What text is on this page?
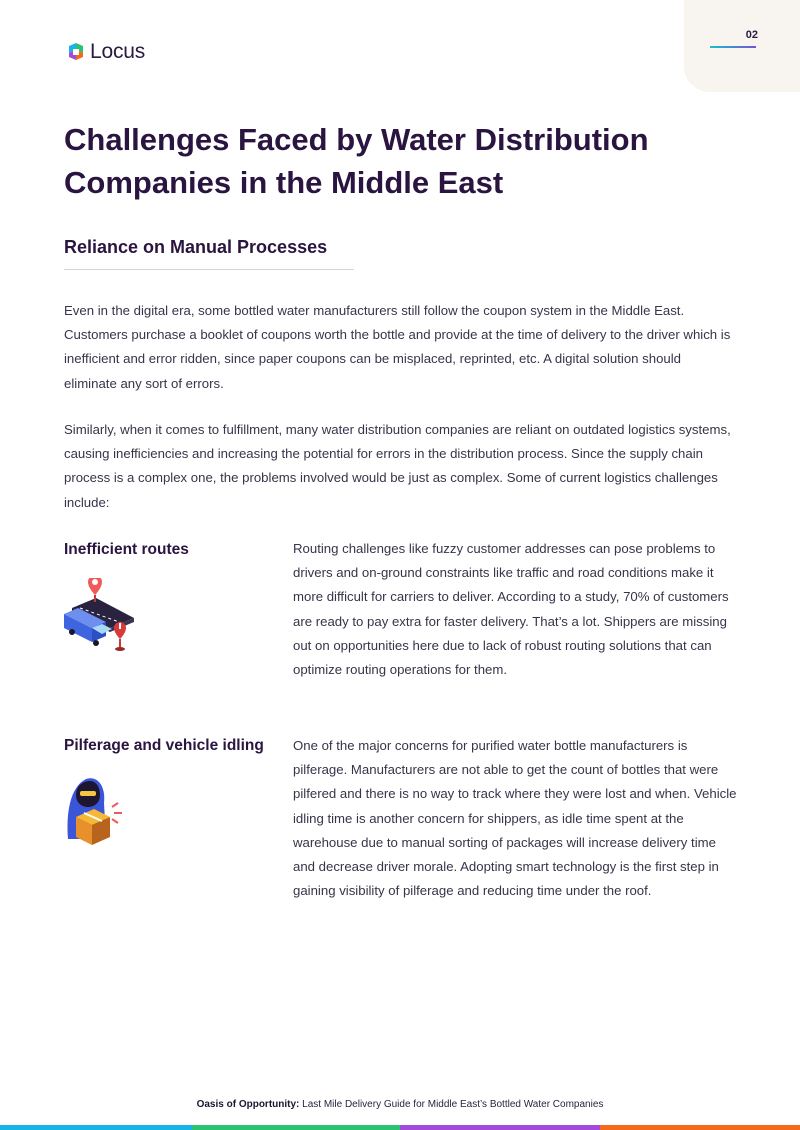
02
Locus
Challenges Faced by Water Distribution Companies in the Middle East
Reliance on Manual Processes

Even in the digital era, some bottled water manufacturers still follow the coupon system in the Middle East. Customers purchase a booklet of coupons worth the bottle and provide at the time of delivery to the driver which is inefficient and error ridden, since paper coupons can be misplaced, reprinted, etc. A digital solution should eliminate any sort of errors.

Similarly, when it comes to fulfillment, many water distribution companies are reliant on outdated logistics systems, causing inefficiencies and increasing the potential for errors in the distribution process. Since the supply chain process is a complex one, the problems involved would be just as complex. Some of current logistics challenges include:

Inefficient routes	Routing challenges like fuzzy customer addresses can pose problems to drivers and on-ground constraints like traffic and road conditions make it more difficult for carriers to deliver. According to a study, 70% of customers are ready to pay extra for faster delivery. That’s a lot. Shippers are missing out on opportunities here due to lack of robust routing solutions that can optimize routing operations for them.

Pilferage and vehicle idling One of the major concerns for purified water bottle manufacturers is pilferage. Manufacturers are not able to get the count of bottles that were pilfered and there is no way to track where they were lost and when. Vehicle idling time is another concern for shippers, as idle time spent at the warehouse due to manual sorting of packages will increase delivery time and decrease driver morale. Adopting smart technology is the first step in gaining visibility of pilferage and reducing time under the roof.

Oasis of Opportunity: Last Mile Delivery Guide for Middle East’s Bottled Water Companies
